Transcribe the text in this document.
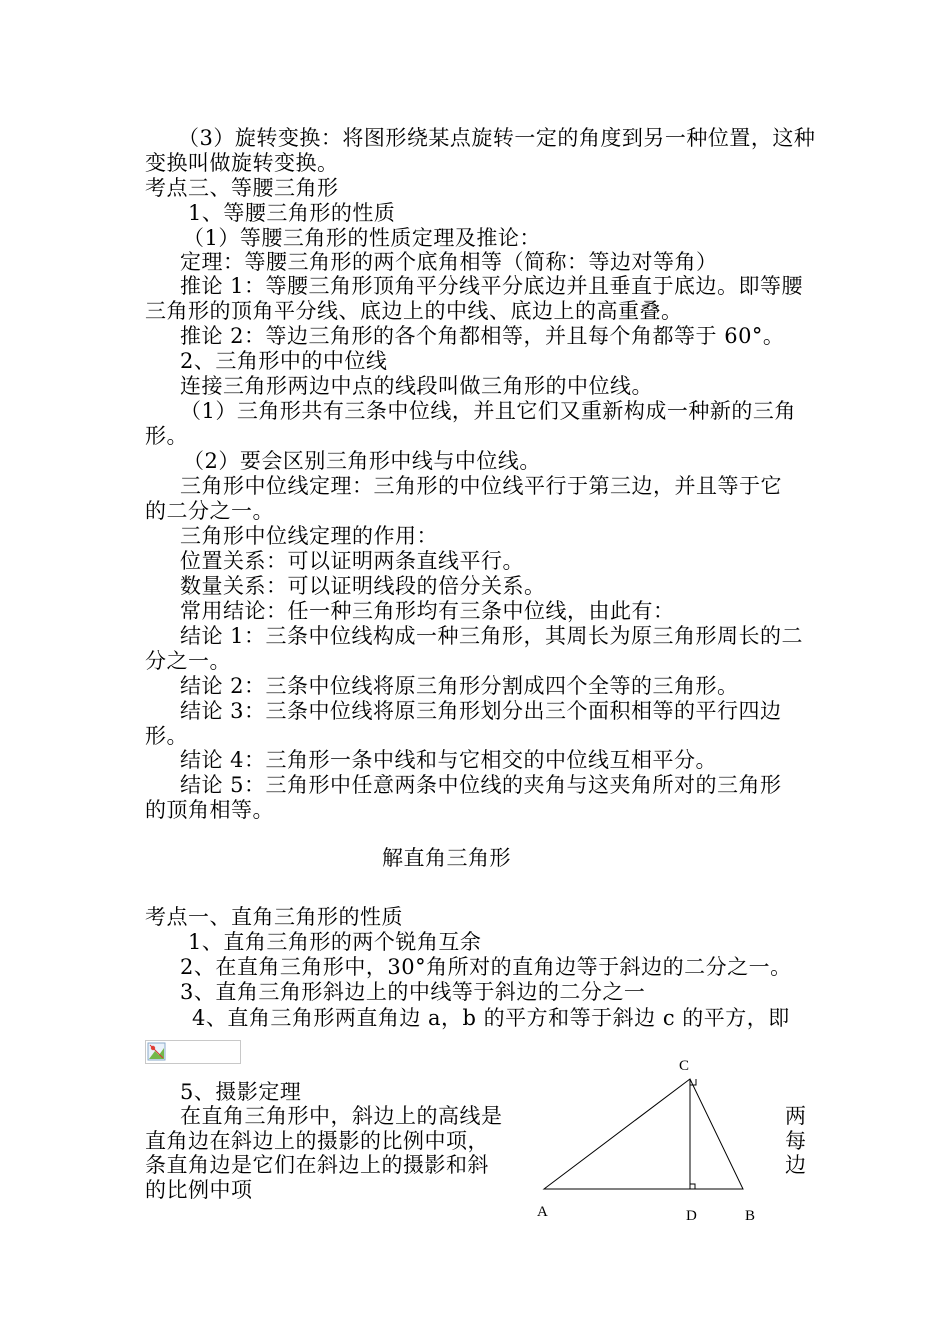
（3）旋转变换：将图形绕某点旋转一定的角度到另一种位置，这种
变换叫做旋转变换。
考点三、等腰三角形
1、等腰三角形的性质
（1）等腰三角形的性质定理及推论：
定理：等腰三角形的两个底角相等（简称：等边对等角）
推论 1：等腰三角形顶角平分线平分底边并且垂直于底边。即等腰
三角形的顶角平分线、底边上的中线、底边上的高重叠。
推论 2：等边三角形的各个角都相等，并且每个角都等于 60°。
2、三角形中的中位线
连接三角形两边中点的线段叫做三角形的中位线。
（1）三角形共有三条中位线，并且它们又重新构成一种新的三角
形。
（2）要会区别三角形中线与中位线。
三角形中位线定理：三角形的中位线平行于第三边，并且等于它
的二分之一。
三角形中位线定理的作用：
位置关系：可以证明两条直线平行。
数量关系：可以证明线段的倍分关系。
常用结论：任一种三角形均有三条中位线，由此有：
结论 1：三条中位线构成一种三角形，其周长为原三角形周长的二
分之一。
结论 2：三条中位线将原三角形分割成四个全等的三角形。
结论 3：三条中位线将原三角形划分出三个面积相等的平行四边
形。
结论 4：三角形一条中线和与它相交的中位线互相平分。
结论 5：三角形中任意两条中位线的夹角与这夹角所对的三角形
的顶角相等。
解直角三角形
考点一、直角三角形的性质
1、直角三角形的两个锐角互余
2、在直角三角形中，30°角所对的直角边等于斜边的二分之一。
3、直角三角形斜边上的中线等于斜边的二分之一
4、直角三角形两直角边 a，b 的平方和等于斜边 c 的平方，即
5、摄影定理
在直角三角形中，斜边上的高线是
直角边在斜边上的摄影的比例中项，
条直角边是它们在斜边上的摄影和斜
的比例中项
两
每
边
C
A	D	B
